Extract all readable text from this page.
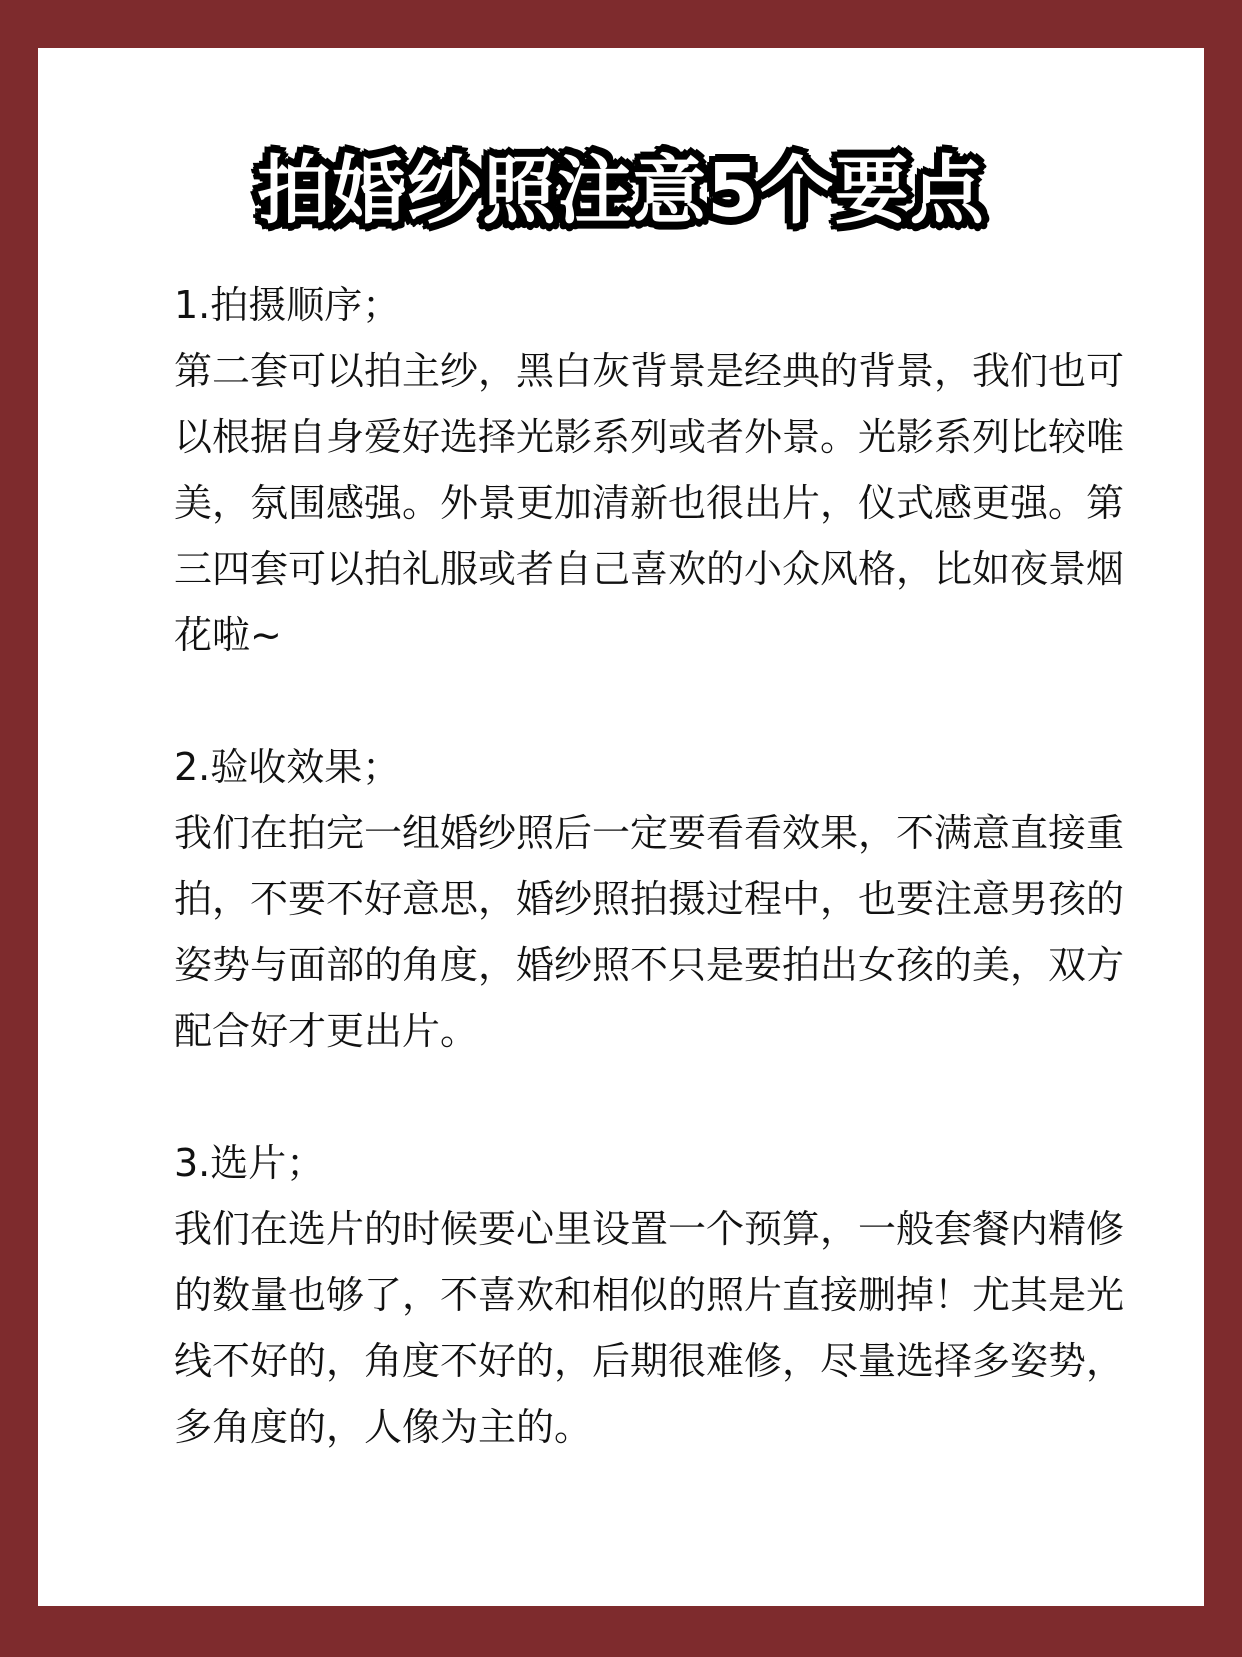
拍婚纱照注意5个要点
1.拍摄顺序；
第二套可以拍主纱，黑白灰背景是经典的背景，我们也可以根据自身爱好选择光影系列或者外景。光影系列比较唯美，氛围感强。外景更加清新也很出片，仪式感更强。第三四套可以拍礼服或者自己喜欢的小众风格，比如夜景烟花啦~
2.验收效果；
我们在拍完一组婚纱照后一定要看看效果，不满意直接重拍，不要不好意思，婚纱照拍摄过程中，也要注意男孩的姿势与面部的角度，婚纱照不只是要拍出女孩的美，双方配合好才更出片。
3.选片；
我们在选片的时候要心里设置一个预算，一般套餐内精修的数量也够了，不喜欢和相似的照片直接删掉！尤其是光线不好的，角度不好的，后期很难修，尽量选择多姿势，多角度的，人像为主的。
